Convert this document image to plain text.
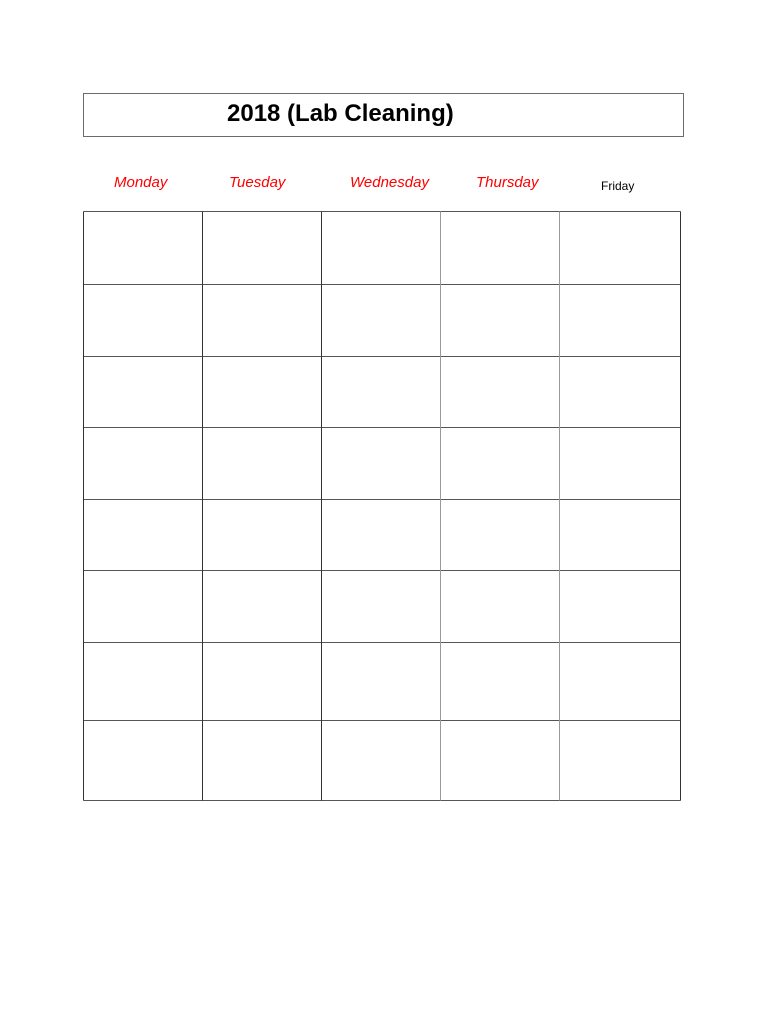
2018 (Lab Cleaning)
Monday	Tuesday	Wednesday	Thursday	Friday
